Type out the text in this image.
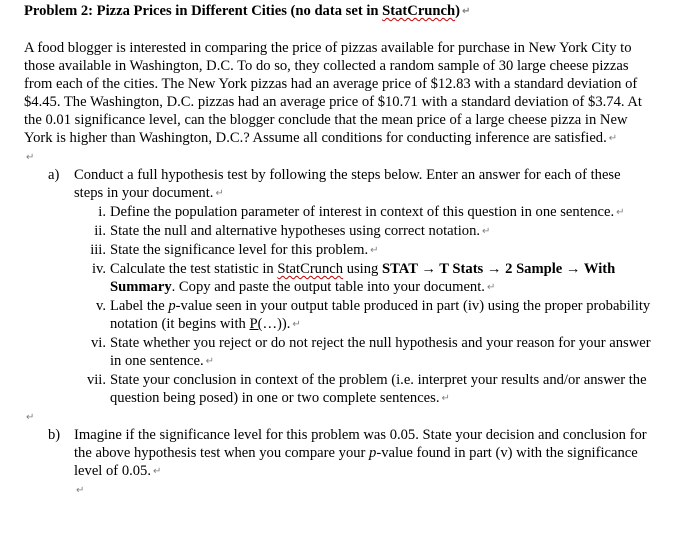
Problem 2: Pizza Prices in Different Cities (no data set in StatCrunch) ↵
A food blogger is interested in comparing the price of pizzas available for purchase in New York City to those available in Washington, D.C. To do so, they collected a random sample of 30 large cheese pizzas from each of the cities. The New York pizzas had an average price of $12.83 with a standard deviation of $4.45. The Washington, D.C. pizzas had an average price of $10.71 with a standard deviation of $3.74. At the 0.01 significance level, can the blogger conclude that the mean price of a large cheese pizza in New York is higher than Washington, D.C.? Assume all conditions for conducting inference are satisfied. ↵
↵
a) Conduct a full hypothesis test by following the steps below. Enter an answer for each of these steps in your document. ↵
i. Define the population parameter of interest in context of this question in one sentence. ↵
ii. State the null and alternative hypotheses using correct notation. ↵
iii. State the significance level for this problem. ↵
iv. Calculate the test statistic in StatCrunch using STAT → T Stats → 2 Sample → With Summary. Copy and paste the output table into your document. ↵
v. Label the p-value seen in your output table produced in part (iv) using the proper probability notation (it begins with P(…)). ↵
vi. State whether you reject or do not reject the null hypothesis and your reason for your answer in one sentence. ↵
vii. State your conclusion in context of the problem (i.e. interpret your results and/or answer the question being posed) in one or two complete sentences. ↵
↵
b) Imagine if the significance level for this problem was 0.05. State your decision and conclusion for the above hypothesis test when you compare your p-value found in part (v) with the significance level of 0.05. ↵
↵
